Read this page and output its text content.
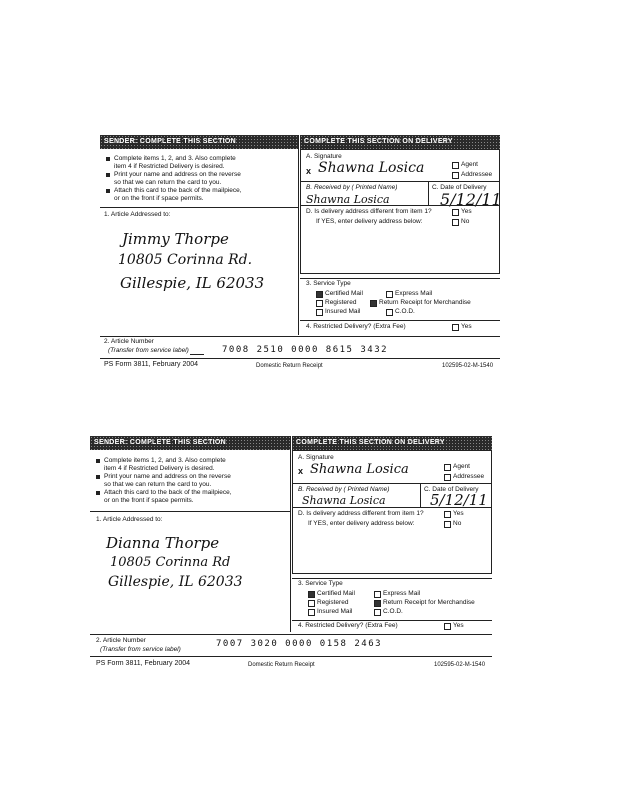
SENDER: COMPLETE THIS SECTION	COMPLETE THIS SECTION ON DELIVERY
Complete items 1, 2, and 3. Also complete
item 4 if Restricted Delivery is desired.
Print your name and address on the reverse
so that we can return the card to you.
Attach this card to the back of the mailpiece,
or on the front if space permits.
1. Article Addressed to:
Jimmy Thorpe
10805 Corinna Rd.
Gillespie, IL 62033
A. Signature
x Shawna Losica	Agent
Addressee
B. Received by ( Printed Name)	C. Date of Delivery
Shawna Losica	5/12/11
D. Is delivery address different from item 1?	Yes
If YES, enter delivery address below:	No
3. Service Type
Certified Mail	Express Mail
Registered	Return Receipt for Merchandise
Insured Mail	C.O.D.
4. Restricted Delivery? (Extra Fee)	Yes
2. Article Number
(Transfer from service label)	7008 2510 0000 8615 3432
PS Form 3811, February 2004	Domestic Return Receipt	102595-02-M-1540
SENDER: COMPLETE THIS SECTION	COMPLETE THIS SECTION ON DELIVERY
Complete items 1, 2, and 3. Also complete
item 4 if Restricted Delivery is desired.
Print your name and address on the reverse
so that we can return the card to you.
Attach this card to the back of the mailpiece,
or on the front if space permits.
1. Article Addressed to:
Dianna Thorpe
10805 Corinna Rd
Gillespie, IL 62033
A. Signature
x Shawna Losica	Agent
Addressee
B. Received by ( Printed Name)	C. Date of Delivery
Shawna Losica	5/12/11
D. Is delivery address different from item 1?	Yes
If YES, enter delivery address below:	No
3. Service Type
Certified Mail	Express Mail
Registered	Return Receipt for Merchandise
Insured Mail	C.O.D.
4. Restricted Delivery? (Extra Fee)	Yes
2. Article Number
(Transfer from service label)
7007 3020 0000 0158 2463
PS Form 3811, February 2004	Domestic Return Receipt	102595-02-M-1540
